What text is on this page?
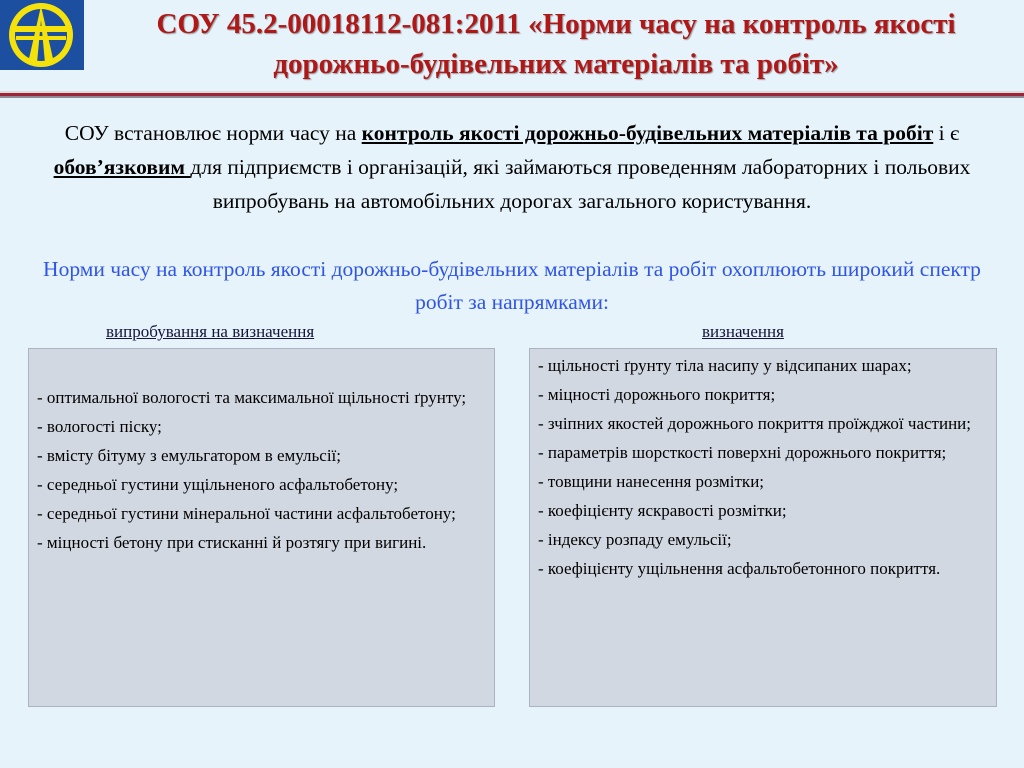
СОУ 45.2-00018112-081:2011 «Норми часу на контроль якості
дорожньо-будівельних матеріалів та робіт»
СОУ встановлює норми часу на контроль якості дорожньо-будівельних матеріалів та робіт і є обов’язковим для підприємств і організацій, які займаються проведенням лабораторних і польових випробувань на автомобільних дорогах загального користування.
Норми часу на контроль якості дорожньо-будівельних матеріалів та робіт охоплюють широкий спектр робіт за напрямками:
випробування на визначення	визначення
- оптимальної вологості та максимальної щільності ґрунту;
- вологості піску;
- вмісту бітуму з емульгатором в емульсії;
- середньої густини ущільненого асфальтобетону;
- середньої густини мінеральної частини асфальтобетону;
- міцності бетону при стисканні й розтягу при вигині.
- щільності ґрунту тіла насипу у відсипаних шарах;
- міцності дорожнього покриття;
- зчіпних якостей дорожнього покриття проїжджої частини;
- параметрів шорсткості поверхні дорожнього покриття;
- товщини нанесення розмітки;
- коефіцієнту яскравості розмітки;
- індексу розпаду емульсії;
- коефіцієнту ущільнення асфальтобетонного покриття.
